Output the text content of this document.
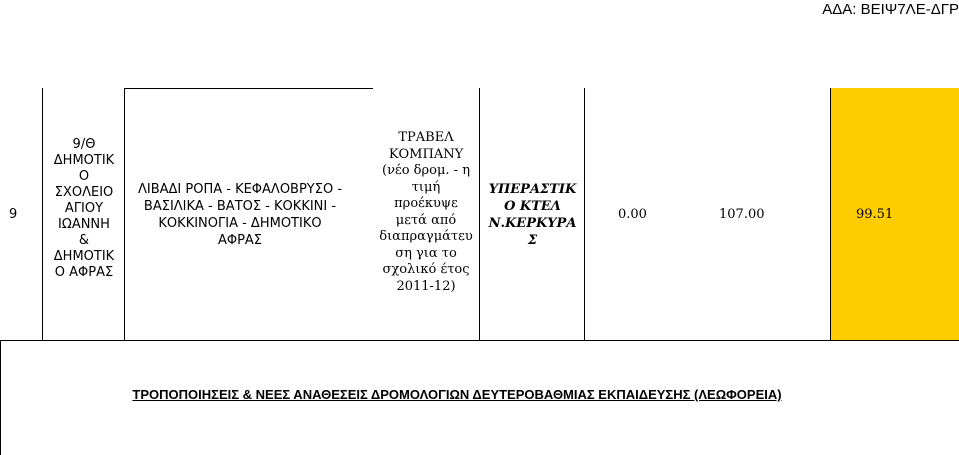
ΑΔΑ: ΒΕΙΨ7ΛΕ-ΔΓΡ
9
9/Θ
ΔΗΜΟΤΙΚ
Ο
ΣΧΟΛΕΙΟ
ΑΓΙΟΥ
ΙΩΑΝΝΗ
&
ΔΗΜΟΤΙΚ
Ο ΑΦΡΑΣ
ΛΙΒΑΔΙ ΡΟΠΑ - ΚΕΦΑΛΟΒΡΥΣΟ -
ΒΑΣΙΛΙΚΑ - ΒΑΤΟΣ - ΚΟΚΚΙΝΙ -
ΚΟΚΚΙΝΟΓΙΑ - ΔΗΜΟΤΙΚΟ
ΑΦΡΑΣ
ΤΡΑΒΕΛ
ΚΟΜΠΑΝΥ
(νέο δρομ. - η
τιμή
προέκυψε
μετά από
διαπραγμάτευ
ση για το
σχολικό έτος
2011-12)
ΥΠΕΡΑΣΤΙΚ
Ο ΚΤΕΛ
Ν.ΚΕΡΚΥΡΑ
Σ
0.00	107.00	99.51
ΤΡΟΠΟΠΟΙΗΣΕΙΣ & ΝΕΕΣ ΑΝΑΘΕΣΕΙΣ ΔΡΟΜΟΛΟΓΙΩΝ ΔΕΥΤΕΡΟΒΑΘΜΙΑΣ ΕΚΠΑΙΔΕΥΣΗΣ (ΛΕΩΦΟΡΕΙΑ)
